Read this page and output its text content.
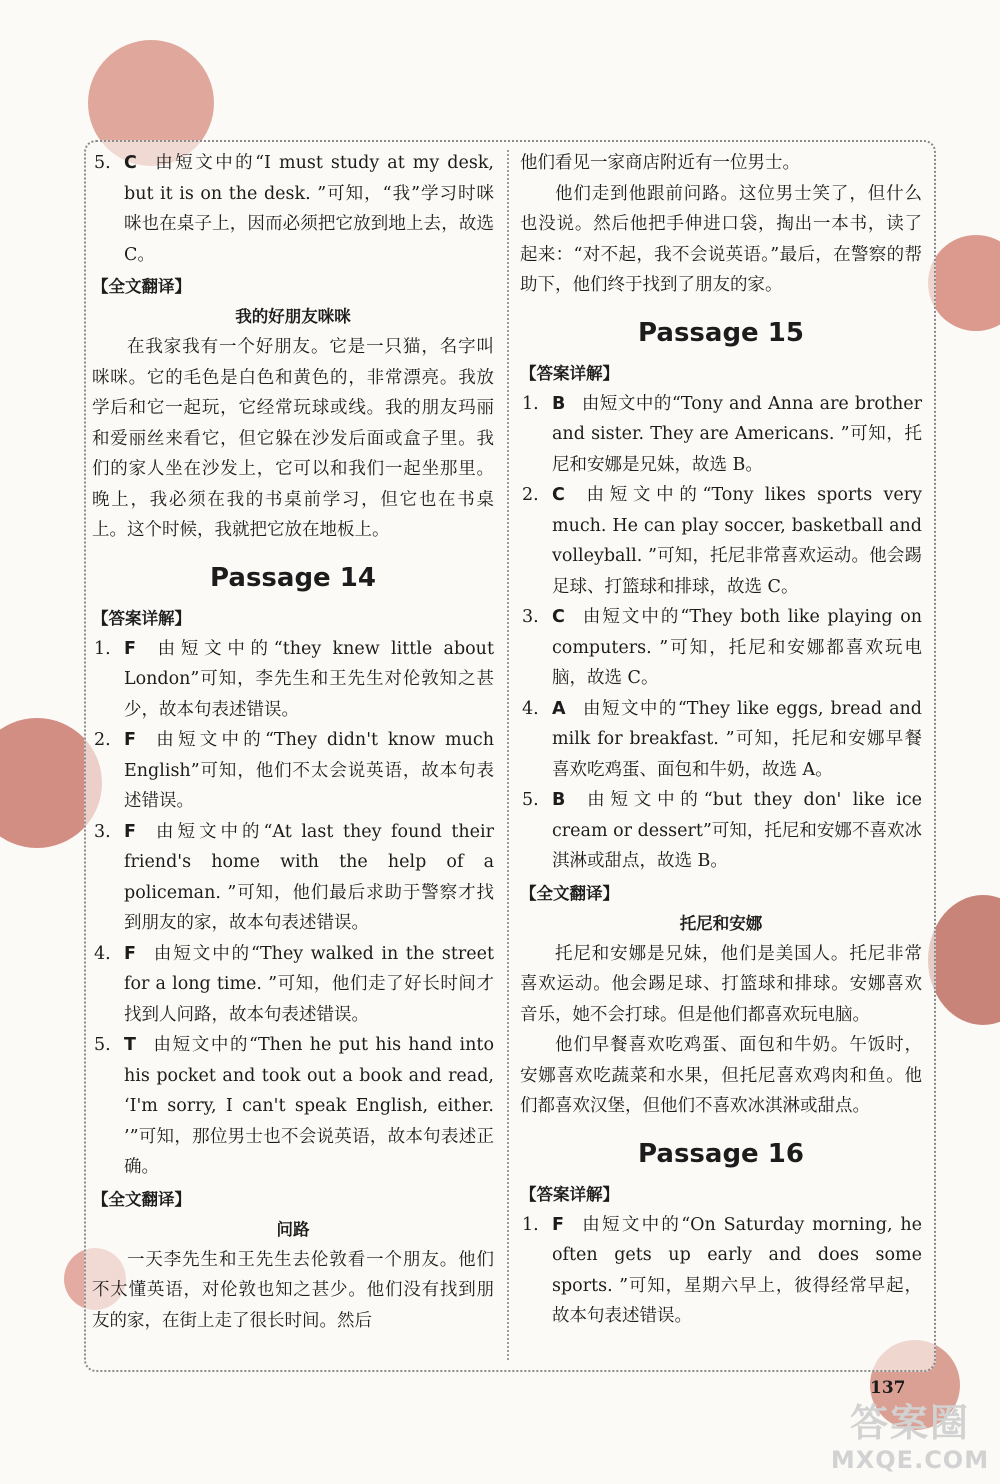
5. C 由短文中的“I must study at my desk, but it is on the desk. ”可知，“我”学习时咪咪也在桌子上，因而必须把它放到地上去，故选 C。
【全文翻译】
我的好朋友咪咪

在我家我有一个好朋友。它是一只猫，名字叫咪咪。它的毛色是白色和黄色的，非常漂亮。我放学后和它一起玩，它经常玩球或线。我的朋友玛丽和爱丽丝来看它，但它躲在沙发后面或盒子里。我们的家人坐在沙发上，它可以和我们一起坐那里。晚上，我必须在我的书桌前学习，但它也在书桌上。这个时候，我就把它放在地板上。

Passage 14
【答案详解】
1. F 由短文中的“they knew little about London”可知，李先生和王先生对伦敦知之甚少，故本句表述错误。
2. F 由短文中的“They didn't know much English”可知，他们不太会说英语，故本句表述错误。
3. F 由短文中的“At last they found their friend's home with the help of a policeman. ”可知，他们最后求助于警察才找到朋友的家，故本句表述错误。
4. F 由短文中的“They walked in the street for a long time. ”可知，他们走了好长时间才找到人问路，故本句表述错误。
5. T 由短文中的“Then he put his hand into his pocket and took out a book and read, ‘I'm sorry, I can't speak English, either. ’”可知，那位男士也不会说英语，故本句表述正确。
【全文翻译】
问路

一天李先生和王先生去伦敦看一个朋友。他们不太懂英语，对伦敦也知之甚少。他们没有找到朋友的家，在街上走了很长时间。然后

他们看见一家商店附近有一位男士。

他们走到他跟前问路。这位男士笑了，但什么也没说。然后他把手伸进口袋，掏出一本书，读了起来：“对不起，我不会说英语。”最后，在警察的帮助下，他们终于找到了朋友的家。

Passage 15
【答案详解】
1. B 由短文中的“Tony and Anna are brother and sister. They are Americans. ”可知，托尼和安娜是兄妹，故选 B。
2. C 由短文中的“Tony likes sports very much. He can play soccer, basketball and volleyball. ”可知，托尼非常喜欢运动。他会踢足球、打篮球和排球，故选 C。
3. C 由短文中的“They both like playing on computers. ”可知，托尼和安娜都喜欢玩电脑，故选 C。
4. A 由短文中的“They like eggs, bread and milk for breakfast. ”可知，托尼和安娜早餐喜欢吃鸡蛋、面包和牛奶，故选 A。
5. B 由短文中的“but they don' like ice cream or dessert”可知，托尼和安娜不喜欢冰淇淋或甜点，故选 B。
【全文翻译】
托尼和安娜

托尼和安娜是兄妹，他们是美国人。托尼非常喜欢运动。他会踢足球、打篮球和排球。安娜喜欢音乐，她不会打球。但是他们都喜欢玩电脑。

他们早餐喜欢吃鸡蛋、面包和牛奶。午饭时，安娜喜欢吃蔬菜和水果，但托尼喜欢鸡肉和鱼。他们都喜欢汉堡，但他们不喜欢冰淇淋或甜点。

Passage 16
【答案详解】
1. F 由短文中的“On Saturday morning, he often gets up early and does some sports. ”可知，星期六早上，彼得经常早起，故本句表述错误。
137
答案圈
MXQE.COM
